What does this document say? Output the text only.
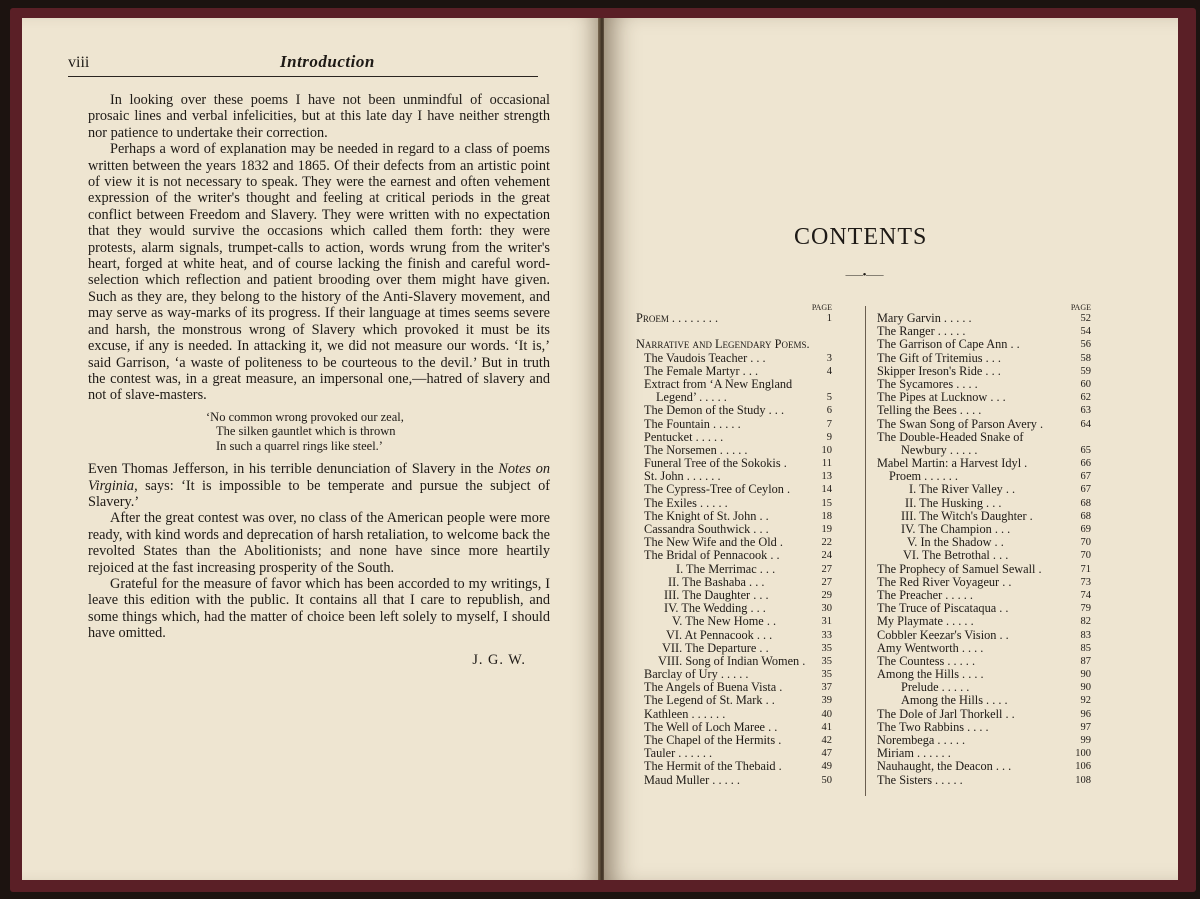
viii	Introduction

In looking over these poems I have not been unmindful of occasional prosaic lines and verbal infelicities, but at this late day I have neither strength nor patience to undertake their correction.

Perhaps a word of explanation may be needed in regard to a class of poems written between the years 1832 and 1865. Of their defects from an artistic point of view it is not necessary to speak. They were the earnest and often vehement expression of the writer's thought and feeling at critical periods in the great conflict between Freedom and Slavery. They were written with no expectation that they would survive the occasions which called them forth: they were protests, alarm signals, trumpet-calls to action, words wrung from the writer's heart, forged at white heat, and of course lacking the finish and careful word-selection which reflection and patient brooding over them might have given. Such as they are, they belong to the history of the Anti-Slavery movement, and may serve as way-marks of its progress. If their language at times seems severe and harsh, the monstrous wrong of Slavery which provoked it must be its excuse, if any is needed. In attacking it, we did not measure our words. ‘It is,’ said Garrison, ‘a waste of politeness to be courteous to the devil.’ But in truth the contest was, in a great measure, an impersonal one,—hatred of slavery and not of slave-masters.

‘No common wrong provoked our zeal,
The silken gauntlet which is thrown
In such a quarrel rings like steel.’

Even Thomas Jefferson, in his terrible denunciation of Slavery in the Notes on Virginia, says: ‘It is impossible to be temperate and pursue the subject of Slavery.’

After the great contest was over, no class of the American people were more ready, with kind words and deprecation of harsh retaliation, to welcome back the revolted States than the Abolitionists; and none have since more heartily rejoiced at the fast increasing prosperity of the South.

Grateful for the measure of favor which has been accorded to my writings, I leave this edition with the public. It contains all that I care to republish, and some things which, had the matter of choice been left solely to myself, I should have omitted.

J. G. W.
CONTENTS
⸺•⸺
PAGE
Proem . . . . . . . .	1
Narrative and Legendary Poems.
The Vaudois Teacher . . .	3
The Female Martyr . . .	4
Extract from ‘A New England
Legend’ . . . . .	5
The Demon of the Study . . .	6
The Fountain . . . . .	7
Pentucket . . . . .	9
The Norsemen . . . . .	10
Funeral Tree of the Sokokis .	11
St. John . . . . . .	13
The Cypress-Tree of Ceylon .	14
The Exiles . . . . .	15
The Knight of St. John . .	18
Cassandra Southwick . . .	19
The New Wife and the Old .	22
The Bridal of Pennacook . .	24
I. The Merrimac . . .	27
II. The Bashaba . . .	27
III. The Daughter . . .	29
IV. The Wedding . . .	30
V. The New Home . .	31
VI. At Pennacook . . .	33
VII. The Departure . .	35
VIII. Song of Indian Women . 35
Barclay of Ury . . . . .	35
The Angels of Buena Vista .	37
The Legend of St. Mark . .	39
Kathleen . . . . . .	40
The Well of Loch Maree . .	41
The Chapel of the Hermits .	42
Tauler . . . . . .	47
The Hermit of the Thebaid .	49
Maud Muller . . . . .	50
PAGE
Mary Garvin . . . . .	52
The Ranger . . . . .	54
The Garrison of Cape Ann . .	56
The Gift of Tritemius . . .	58
Skipper Ireson's Ride . . .	59
The Sycamores . . . .	60
The Pipes at Lucknow . . .	62
Telling the Bees . . . .	63
The Swan Song of Parson Avery .	64
The Double-Headed Snake of
Newbury . . . . .	65
Mabel Martin: a Harvest Idyl .	66
Proem . . . . . .	67
I. The River Valley . .	67
II. The Husking . . .	68
III. The Witch's Daughter .	68
IV. The Champion . . .	69
V. In the Shadow . .	70
VI. The Betrothal . . .	70
The Prophecy of Samuel Sewall .	71
The Red River Voyageur . .	73
The Preacher . . . . .	74
The Truce of Piscataqua . .	79
My Playmate . . . . .	82
Cobbler Keezar's Vision . .	83
Amy Wentworth . . . .	85
The Countess . . . . .	87
Among the Hills . . . .	90
Prelude . . . . .	90
Among the Hills . . . .	92
The Dole of Jarl Thorkell . .	96
The Two Rabbins . . . .	97
Norembega . . . . .	99
Miriam . . . . . .	100
Nauhaught, the Deacon . . .	106
The Sisters . . . . .	108
